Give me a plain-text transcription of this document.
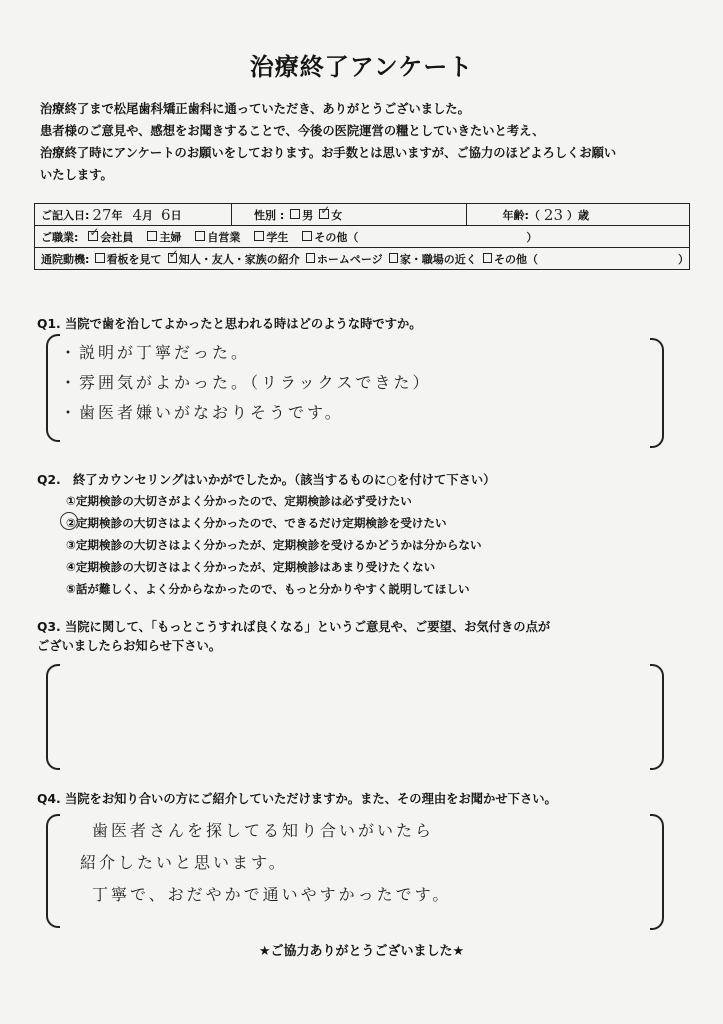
治療終了アンケート
治療終了まで松尾歯科矯正歯科に通っていただき、ありがとうございました。
患者様のご意見や、感想をお聞きすることで、今後の医院運営の糧としていきたいと考え、
治療終了時にアンケートのお願いをしております。お手数とは思いますが、ご協力のほどよろしくお願い
いたします。
ご記入日: 27 年 4 月 6 日	性別 : 男 ✓ 女	年齢:（ 23 ）歳
ご職業: ✓ 会社員 主婦 自営業 学生 その他（	）
通院動機: 看板を見て ✓ 知人・友人・家族の紹介 ホームページ 家・職場の近く その他（	）
Q1. 当院で歯を治してよかったと思われる時はどのような時ですか。
・説明が丁寧だった。
・雰囲気がよかった。（リラックスできた）
・歯医者嫌いがなおりそうです。
Q2.　終了カウンセリングはいかがでしたか。（該当するものに○を付けて下さい）
①定期検診の大切さがよく分かったので、定期検診は必ず受けたい
②定期検診の大切さはよく分かったので、できるだけ定期検診を受けたい
③定期検診の大切さはよく分かったが、定期検診を受けるかどうかは分からない
④定期検診の大切さはよく分かったが、定期検診はあまり受けたくない
⑤話が難しく、よく分からなかったので、もっと分かりやすく説明してほしい
Q3. 当院に関して、「もっとこうすれば良くなる」というご意見や、ご要望、お気付きの点が
ございましたらお知らせ下さい。
Q4. 当院をお知り合いの方にご紹介していただけますか。また、その理由をお聞かせ下さい。
歯医者さんを探してる知り合いがいたら
紹介したいと思います。
丁寧で、おだやかで通いやすかったです。
★ご協力ありがとうございました★
